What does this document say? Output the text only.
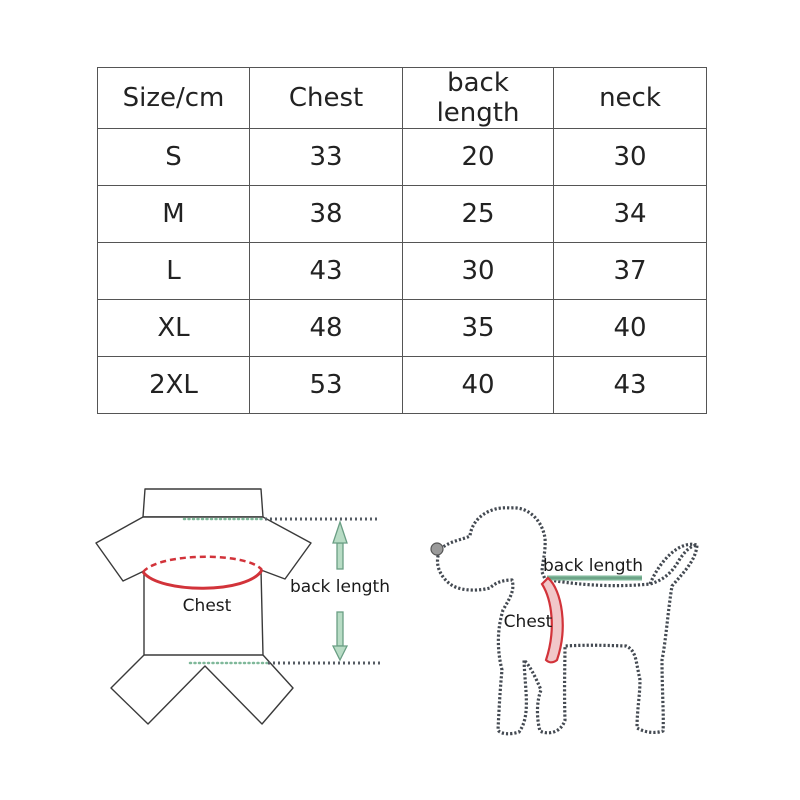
Size/cm	Chest	back length	neck
S	33	20	30
M	38	25	34
L	43	30	37
XL	48	35	40
2XL	53	40	43
Chest
back length
back length
Chest
